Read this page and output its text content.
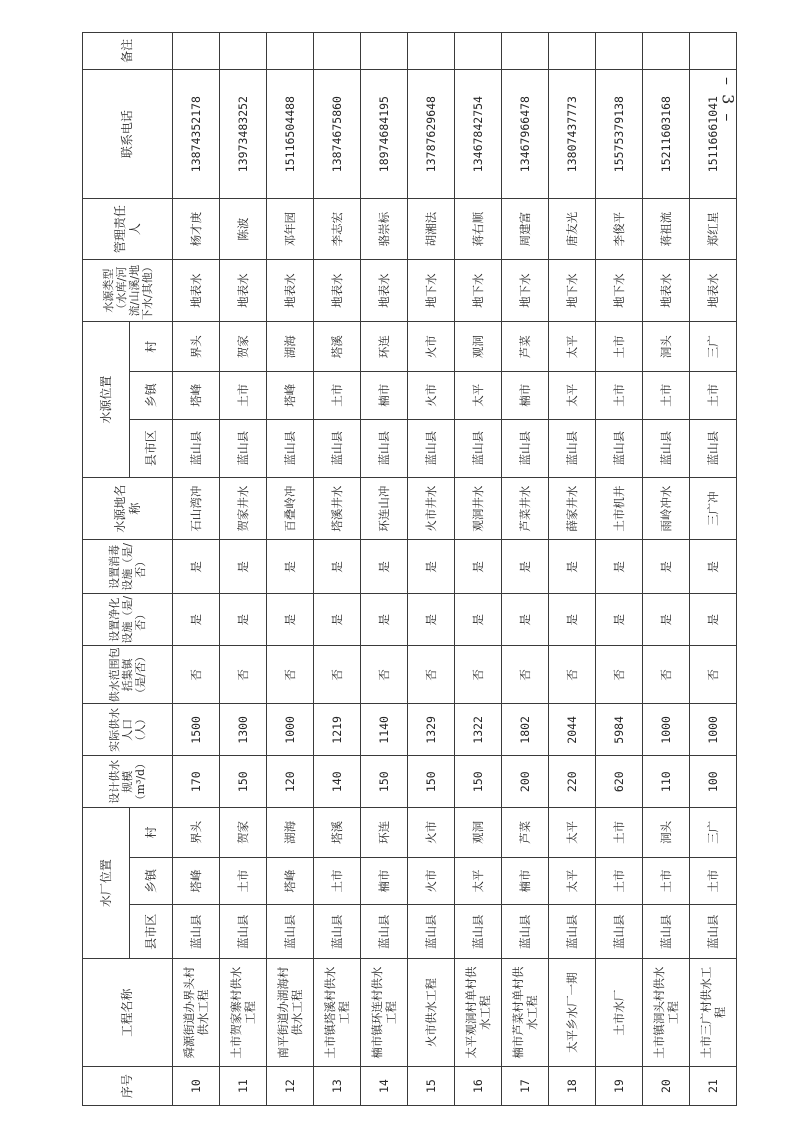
– 3 –
序号	工程名称	水厂位置			设计供水规模（m³/d）	实际供水人口（人）	供水范围包括集镇（是/否）	设置净化设施（是/否）	设置消毒设施（是/否）	水源地名称	水源位置			水源类型（水库/河流/山溪/地下水/其他）	管理责任人	联系电话	备注
		县市区	乡镇	村							县市区	乡镇	村				
10	舜源街道办界头村供水工程	蓝山县	塔峰	界头	170	1500	否	是	是	石山湾冲	蓝山县	塔峰	界头	地表水	杨才庚	13874352178	
11	土市贺家寨村供水工程	蓝山县	土市	贺家	150	1300	否	是	是	贺家井水	蓝山县	土市	贺家	地表水	陈波	13973483252	
12	南平街道办湖海村供水工程	蓝山县	塔峰	湖海	120	1000	否	是	是	百叠岭冲	蓝山县	塔峰	湖海	地表水	邓年园	15116504488	
13	土市镇塔溪村供水工程	蓝山县	土市	塔溪	140	1219	否	是	是	塔溪井水	蓝山县	土市	塔溪	地表水	李志宏	13874675860	
14	楠市镇环连村供水工程	蓝山县	楠市	环连	150	1140	否	是	是	环连山冲	蓝山县	楠市	环连	地表水	骆崇标	18974684195	
15	火市供水工程	蓝山县	火市	火市	150	1329	否	是	是	火市井水	蓝山县	火市	火市	地下水	胡湘法	13787629648	
16	太平观洞村单村供水工程	蓝山县	太平	观洞	150	1322	否	是	是	观洞井水	蓝山县	太平	观洞	地下水	蒋右顺	13467842754	
17	楠市芦菜村单村供水工程	蓝山县	楠市	芦菜	200	1802	否	是	是	芦菜井水	蓝山县	楠市	芦菜	地下水	周建富	13467966478	
18	太平乡水厂一期	蓝山县	太平	太平	220	2044	否	是	是	薛家井水	蓝山县	太平	太平	地下水	唐友光	13807437773	
19	土市水厂	蓝山县	土市	土市	620	5984	否	是	是	土市机井	蓝山县	土市	土市	地下水	李俊平	15575379138	
20	土市镇洞头村供水工程	蓝山县	土市	洞头	110	1000	否	是	是	雨岭冲水	蓝山县	土市	洞头	地表水	蒋祖流	15211603168	
21	土市三广村供水工程	蓝山县	土市	三广	100	1000	否	是	是	三广冲	蓝山县	土市	三广	地表水	郑红星	15116661041	
